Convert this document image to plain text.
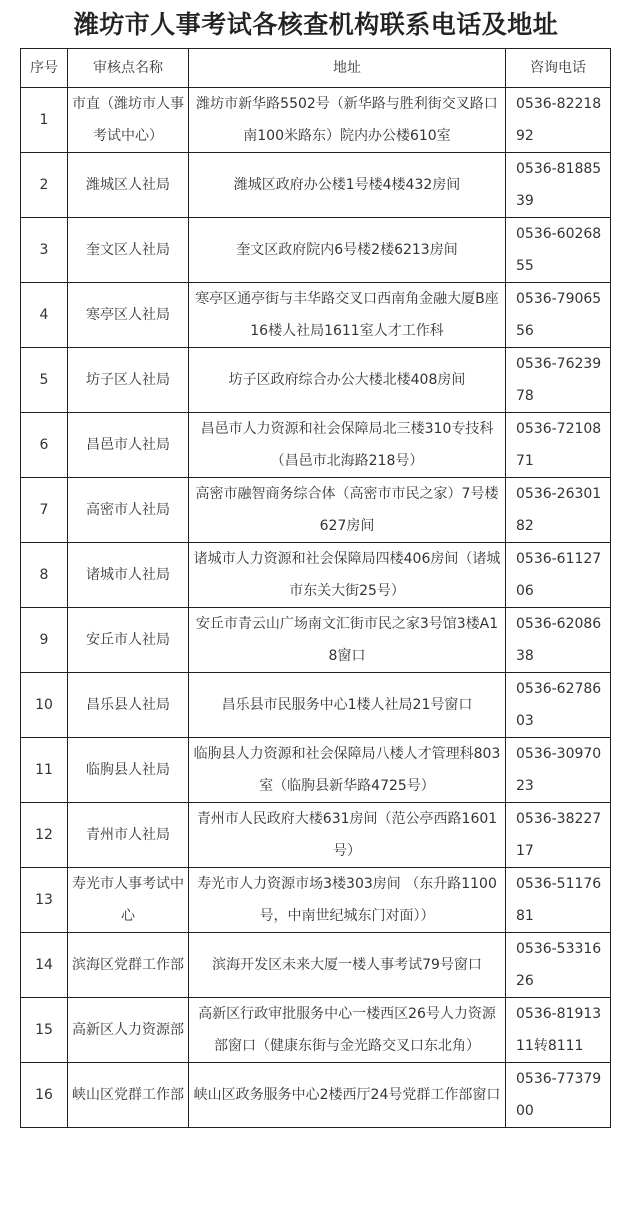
潍坊市人事考试各核查机构联系电话及地址
序号	审核点名称	地址	咨询电话
1	市直（潍坊市人事考试中心）	潍坊市新华路5502号（新华路与胜利街交叉路口南100米路东）院内办公楼610室	0536-8221892
2	潍城区人社局	潍城区政府办公楼1号楼4楼432房间	0536-8188539
3	奎文区人社局	奎文区政府院内6号楼2楼6213房间	0536-6026855
4	寒亭区人社局	寒亭区通亭街与丰华路交叉口西南角金融大厦B座16楼人社局1611室人才工作科	0536-7906556
5	坊子区人社局	坊子区政府综合办公大楼北楼408房间	0536-7623978
6	昌邑市人社局	昌邑市人力资源和社会保障局北三楼310专技科（昌邑市北海路218号）	0536-7210871
7	高密市人社局	高密市融智商务综合体（高密市市民之家）7号楼627房间	0536-2630182
8	诸城市人社局	诸城市人力资源和社会保障局四楼406房间（诸城市东关大街25号）	0536-6112706
9	安丘市人社局	安丘市青云山广场南文汇街市民之家3号馆3楼A18窗口	0536-6208638
10	昌乐县人社局	昌乐县市民服务中心1楼人社局21号窗口	0536-6278603
11	临朐县人社局	临朐县人力资源和社会保障局八楼人才管理科803室（临朐县新华路4725号）	0536-3097023
12	青州市人社局	青州市人民政府大楼631房间（范公亭西路1601号）	0536-3822717
13	寿光市人事考试中心	寿光市人力资源市场3楼303房间 （东升路1100号，中南世纪城东门对面））	0536-5117681
14	滨海区党群工作部	滨海开发区未来大厦一楼人事考试79号窗口	0536-5331626
15	高新区人力资源部	高新区行政审批服务中心一楼西区26号人力资源部窗口（健康东街与金光路交叉口东北角）	0536-8191311转8111
16	峡山区党群工作部	峡山区政务服务中心2楼西厅24号党群工作部窗口	0536-7737900
